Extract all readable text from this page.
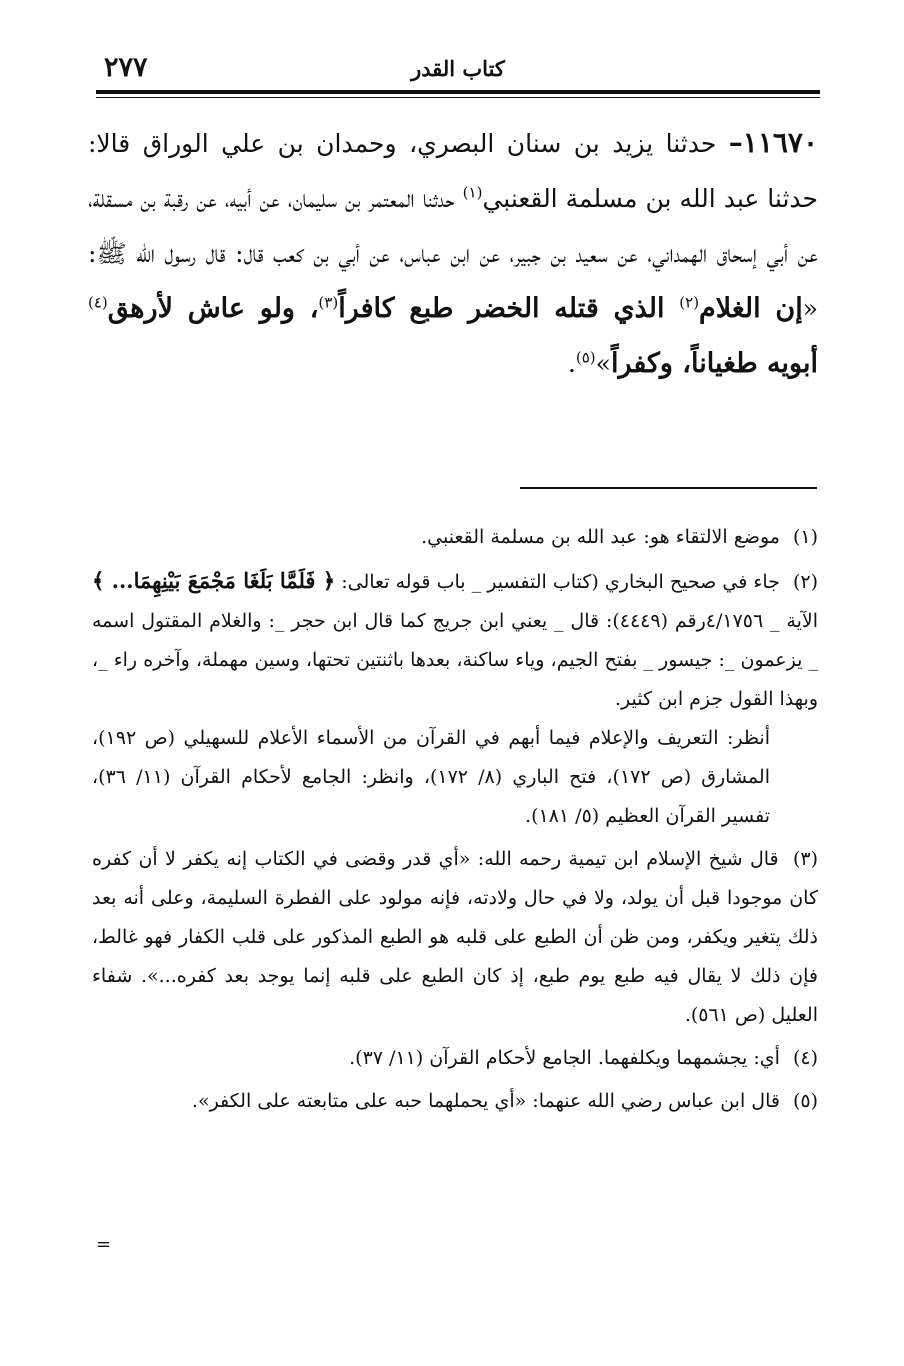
كتاب القدر
٢٧٧

١١٦٧٠– حدثنا يزيد بن سنان البصري، وحمدان بن علي الوراق قالا: حدثنا عبد الله بن مسلمة القعنبي$^{(١)}$ حدثنا المعتمر بن سليمان، عن أبيه، عن رقبة بن مسقلة، عن أبي إسحاق الهمداني، عن سعيد بن جبير، عن ابن عباس، عن أبي بن كعب قال: قال رسول الله ﷺ: «إن الغلام$^{(٢)}$ الذي قتله الخضر طبع كافراً$^{(٣)}$، ولو عاش لأرهق$^{(٤)}$ أبويه طغياناً، وكفراً»$^{(٥)}$.

(١) موضع الالتقاء هو: عبد الله بن مسلمة القعنبي.

(٢) جاء في صحيح البخاري (كتاب التفسير _ باب قوله تعالى: ﴿ فَلَمَّا بَلَغَا مَجْمَعَ بَيْنِهِمَا... ﴾ الآية _ ٤/١٧٥٦رقم (٤٤٤٩): قال _ يعني ابن جريج كما قال ابن حجر _: والغلام المقتول اسمه _ يزعمون _: جيسور _ بفتح الجيم، وياء ساكنة، بعدها باثنتين تحتها، وسين مهملة، وآخره راء _، وبهذا القول جزم ابن كثير.
أنظر: التعريف والإعلام فيما أبهم في القرآن من الأسماء الأعلام للسهيلي (ص ١٩٢)، المشارق (ص ١٧٢)، فتح الباري (٨/ ١٧٢)، وانظر: الجامع لأحكام القرآن (١١/ ٣٦)، تفسير القرآن العظيم (٥/ ١٨١).

(٣) قال شيخ الإسلام ابن تيمية رحمه الله: «أي قدر وقضى في الكتاب إنه يكفر لا أن كفره كان موجودا قبل أن يولد، ولا في حال ولادته، فإنه مولود على الفطرة السليمة، وعلى أنه بعد ذلك يتغير ويكفر، ومن ظن أن الطبع على قلبه هو الطبع المذكور على قلب الكفار فهو غالط، فإن ذلك لا يقال فيه طبع يوم طبع، إذ كان الطبع على قلبه إنما يوجد بعد كفره...». شفاء العليل (ص ٥٦١).

(٤) أي: يجشمهما ويكلفهما. الجامع لأحكام القرآن (١١/ ٣٧).

(٥) قال ابن عباس رضي الله عنهما: «أي يحملهما حبه على متابعته على الكفر».

=
